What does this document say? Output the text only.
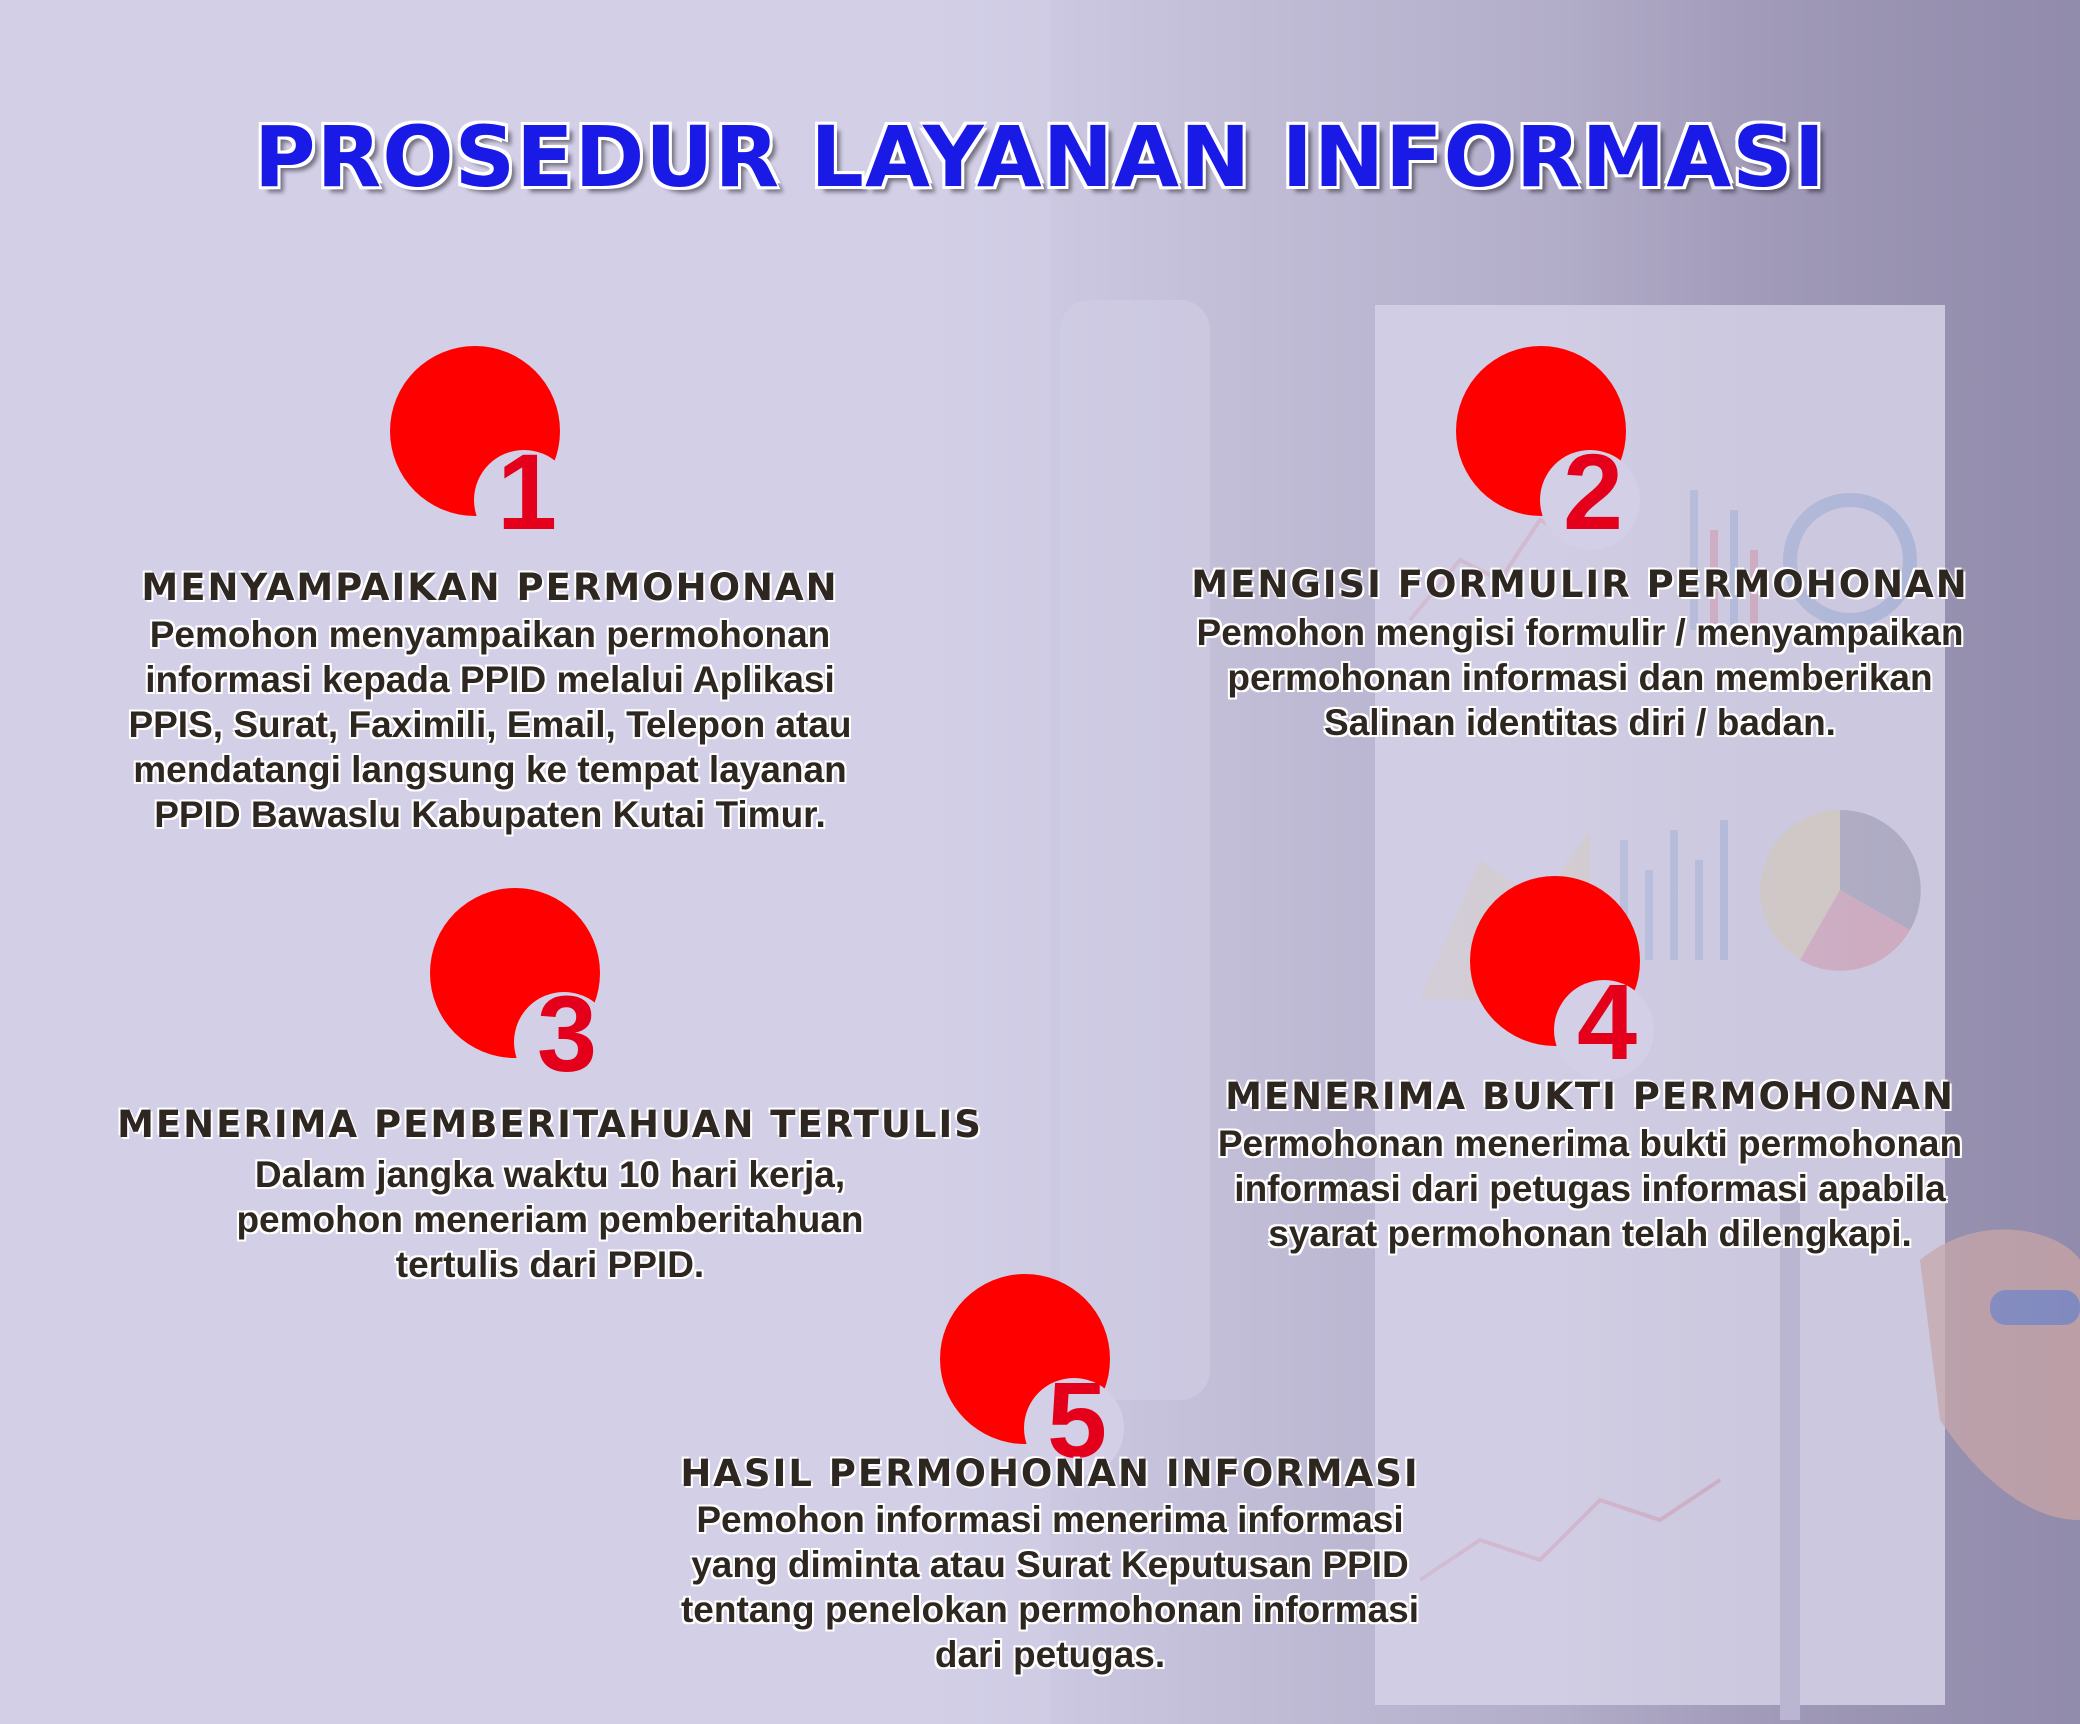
PROSEDUR LAYANAN INFORMASI
1
MENYAMPAIKAN PERMOHONAN
Pemohon menyampaikan permohonan
informasi kepada PPID melalui Aplikasi
PPIS, Surat, Faximili, Email, Telepon atau
mendatangi langsung ke tempat layanan
PPID Bawaslu Kabupaten Kutai Timur.
2
MENGISI FORMULIR PERMOHONAN
Pemohon mengisi formulir / menyampaikan
permohonan informasi dan memberikan
Salinan identitas diri / badan.
3
MENERIMA PEMBERITAHUAN TERTULIS
Dalam jangka waktu 10 hari kerja,
pemohon meneriam pemberitahuan
tertulis dari PPID.
4
MENERIMA BUKTI PERMOHONAN
Permohonan menerima bukti permohonan
informasi dari petugas informasi apabila
syarat permohonan telah dilengkapi.
5
HASIL PERMOHONAN INFORMASI
Pemohon informasi menerima informasi
yang diminta atau Surat Keputusan PPID
tentang penelokan permohonan informasi
dari petugas.
